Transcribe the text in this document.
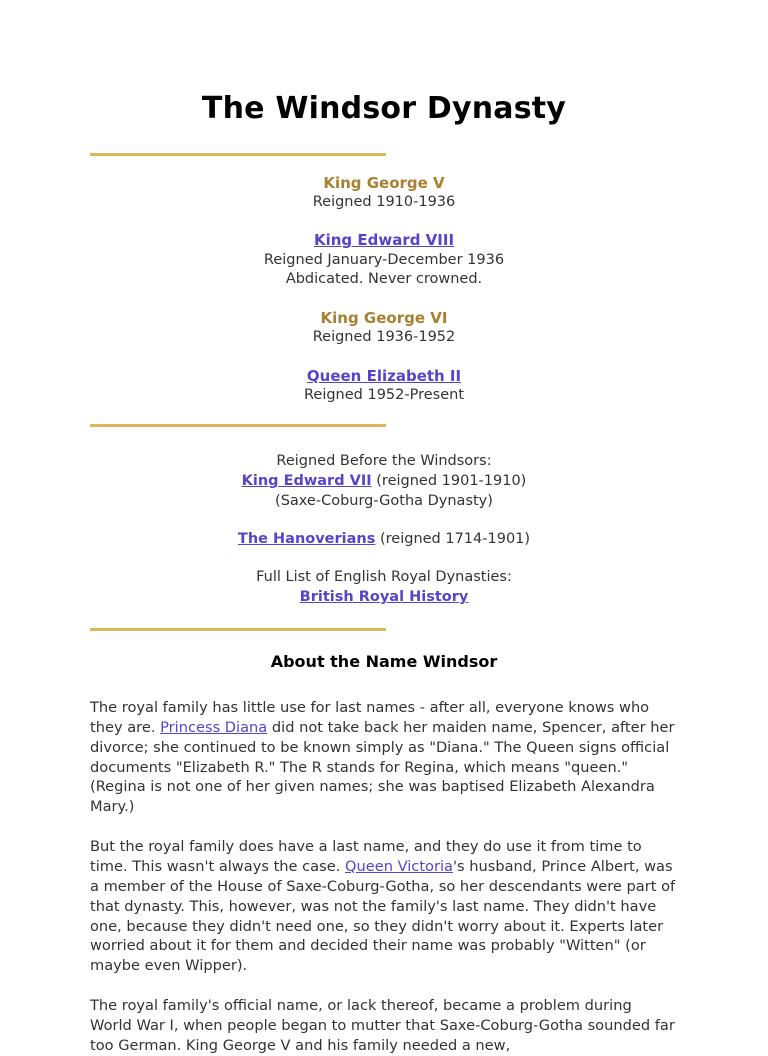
The Windsor Dynasty
King George V
Reigned 1910-1936
King Edward VIII
Reigned January-December 1936
Abdicated. Never crowned.
King George VI
Reigned 1936-1952
Queen Elizabeth II
Reigned 1952-Present
Reigned Before the Windsors:
King Edward VII (reigned 1901-1910)
(Saxe-Coburg-Gotha Dynasty)
The Hanoverians (reigned 1714-1901)
Full List of English Royal Dynasties:
British Royal History
About the Name Windsor

The royal family has little use for last names - after all, everyone knows who they are. Princess Diana did not take back her maiden name, Spencer, after her divorce; she continued to be known simply as "Diana." The Queen signs official documents "Elizabeth R." The R stands for Regina, which means "queen." (Regina is not one of her given names; she was baptised Elizabeth Alexandra Mary.)

But the royal family does have a last name, and they do use it from time to time. This wasn't always the case. Queen Victoria's husband, Prince Albert, was a member of the House of Saxe-Coburg-Gotha, so her descendants were part of that dynasty. This, however, was not the family's last name. They didn't have one, because they didn't need one, so they didn't worry about it. Experts later worried about it for them and decided their name was probably "Witten" (or maybe even Wipper).

The royal family's official name, or lack thereof, became a problem during World War I, when people began to mutter that Saxe-Coburg-Gotha sounded far too German. King George V and his family needed a new,
